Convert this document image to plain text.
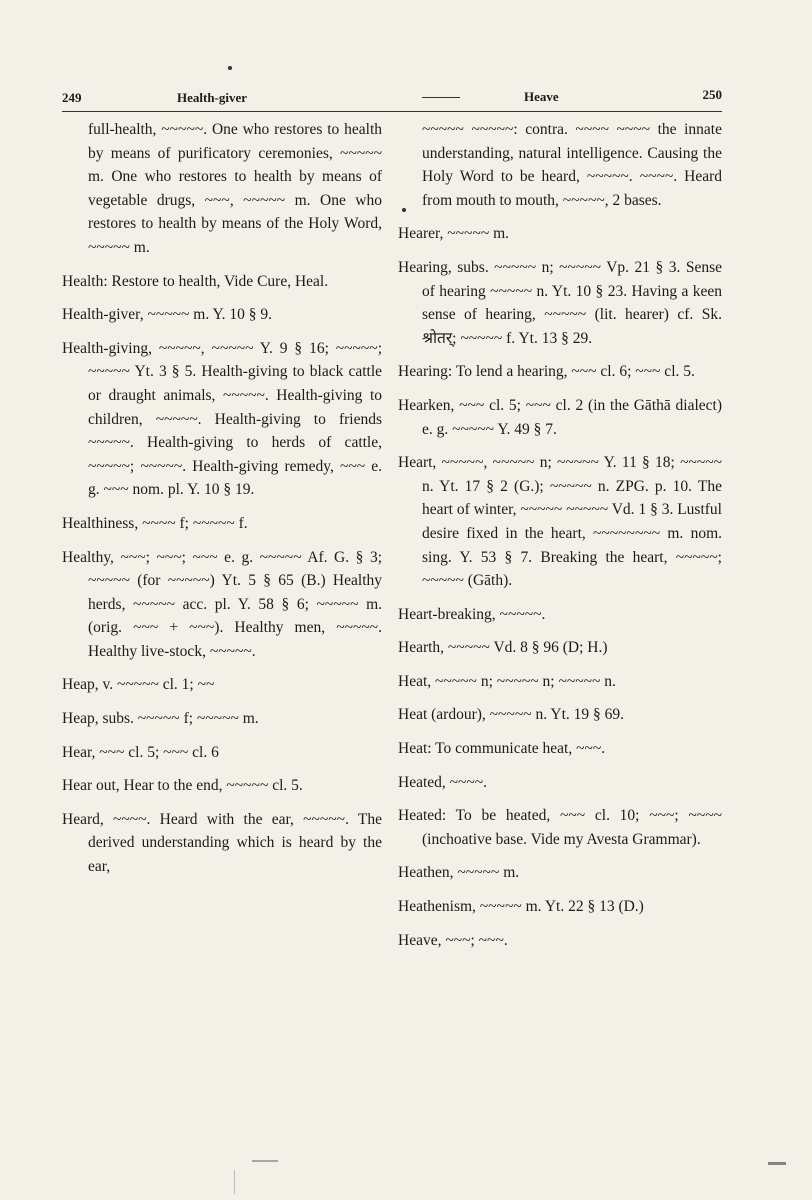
249	Health-giver	Heave	250

full-health, ~~~~~. One who restores to health by means of purificatory ceremonies, ~~~~~ m. One who restores to health by means of vegetable drugs, ~~~, ~~~~~ m. One who restores to health by means of the Holy Word, ~~~~~ m.

Health: Restore to health, Vide Cure, Heal.

Health-giver, ~~~~~ m. Y. 10 § 9.

Health-giving, ~~~~~, ~~~~~ Y. 9 § 16; ~~~~~; ~~~~~ Yt. 3 § 5. Health-giving to black cattle or draught animals, ~~~~~. Health-giving to children, ~~~~~. Health-giving to friends ~~~~~. Health-giving to herds of cattle, ~~~~~; ~~~~~. Health-giving remedy, ~~~ e. g. ~~~ nom. pl. Y. 10 § 19.

Healthiness, ~~~~ f; ~~~~~ f.

Healthy, ~~~; ~~~; ~~~ e. g. ~~~~~ Af. G. § 3; ~~~~~ (for ~~~~~) Yt. 5 § 65 (B.) Healthy herds, ~~~~~ acc. pl. Y. 58 § 6; ~~~~~ m. (orig. ~~~ + ~~~). Healthy men, ~~~~~. Healthy live-stock, ~~~~~.

Heap, v. ~~~~~ cl. 1; ~~

Heap, subs. ~~~~~ f; ~~~~~ m.

Hear, ~~~ cl. 5; ~~~ cl. 6

Hear out, Hear to the end, ~~~~~ cl. 5.

Heard, ~~~~. Heard with the ear, ~~~~~. The derived understanding which is heard by the ear,

~~~~~ ~~~~~: contra. ~~~~ ~~~~ the innate understanding, natural intelligence. Causing the Holy Word to be heard, ~~~~~. ~~~~. Heard from mouth to mouth, ~~~~~, 2 bases.

Hearer, ~~~~~ m.

Hearing, subs. ~~~~~ n; ~~~~~ Vp. 21 § 3. Sense of hearing ~~~~~ n. Yt. 10 § 23. Having a keen sense of hearing, ~~~~~ (lit. hearer) cf. Sk. श्रोतर्; ~~~~~ f. Yt. 13 § 29.

Hearing: To lend a hearing, ~~~ cl. 6; ~~~ cl. 5.

Hearken, ~~~ cl. 5; ~~~ cl. 2 (in the Gāthā dialect) e. g. ~~~~~ Y. 49 § 7.

Heart, ~~~~~, ~~~~~ n; ~~~~~ Y. 11 § 18; ~~~~~ n. Yt. 17 § 2 (G.); ~~~~~ n. ZPG. p. 10. The heart of winter, ~~~~~ ~~~~~ Vd. 1 § 3. Lustful desire fixed in the heart, ~~~~~~~~ m. nom. sing. Y. 53 § 7. Breaking the heart, ~~~~~; ~~~~~ (Gāth).

Heart-breaking, ~~~~~.

Hearth, ~~~~~ Vd. 8 § 96 (D; H.)

Heat, ~~~~~ n; ~~~~~ n; ~~~~~ n.

Heat (ardour), ~~~~~ n. Yt. 19 § 69.

Heat: To communicate heat, ~~~.

Heated, ~~~~.

Heated: To be heated, ~~~ cl. 10; ~~~; ~~~~ (inchoative base. Vide my Avesta Grammar).

Heathen, ~~~~~ m.

Heathenism, ~~~~~ m. Yt. 22 § 13 (D.)

Heave, ~~~; ~~~.
